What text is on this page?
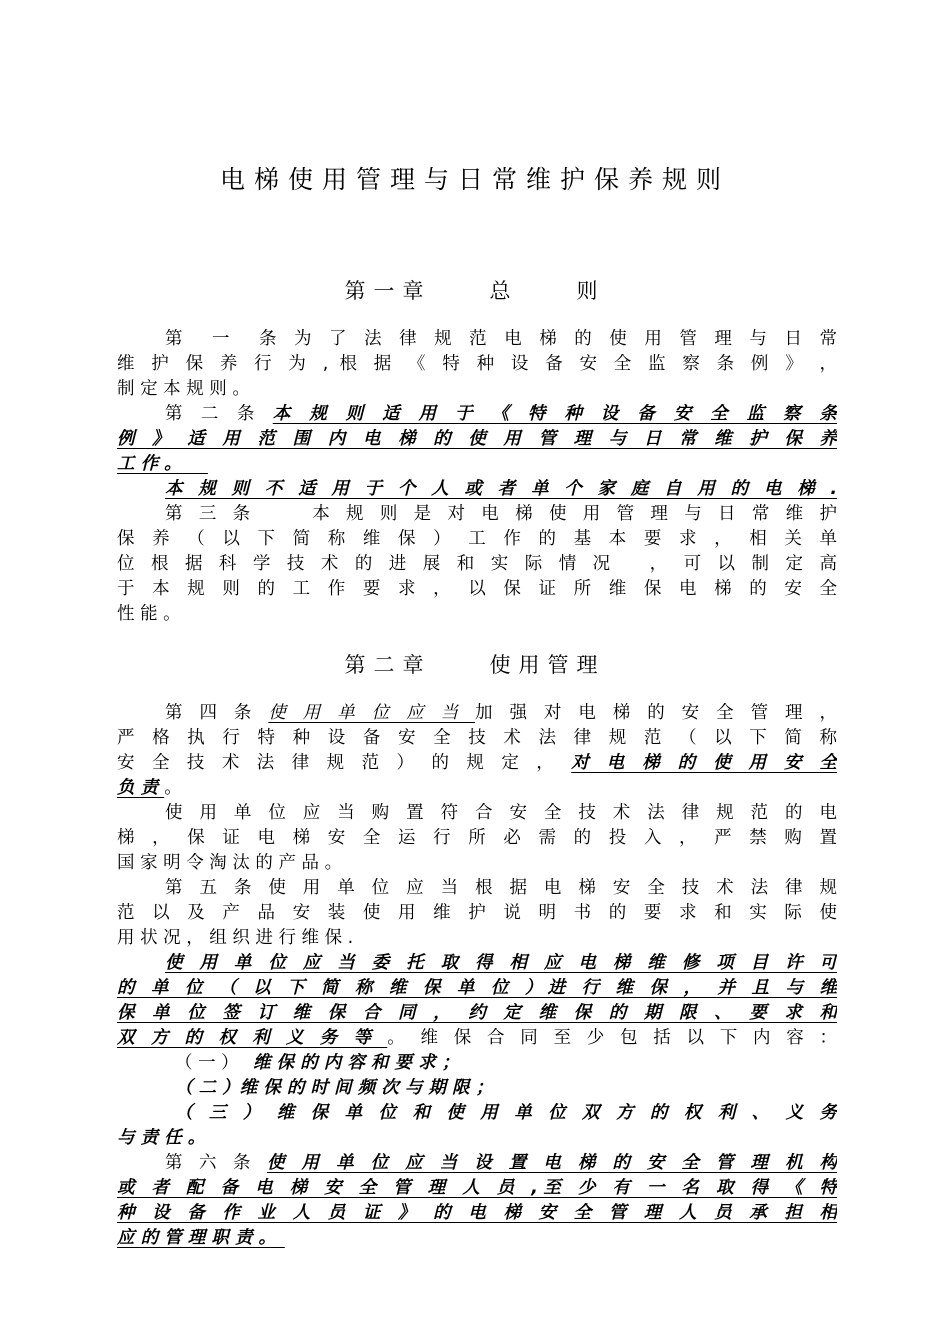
电梯使用管理与日常维护保养规则
第一章　　总　　则
第二章　　使用管理
第　一　条 为 了 法 律 规 范 电 梯 的 使 用 管 理 与 日 常
维 护 保 养 行 为 , 根 据 《 特 种 设 备 安 全 监 察 条 例 》 ，
制 定 本 规 则 。
第 二 条 本 规 则 适 用 于 《 特 种 设 备 安 全 监 察 条
例 》 适 用 范 围 内 电 梯 的 使 用 管 理 与 日 常 维 护 保 养
工 作 。　　
本 规 则 不 适 用 于 个 人 或 者 单 个 家 庭 自 用 的 电 梯 .
第 三 条 　　本 规 则 是 对 电 梯 使 用 管 理 与 日 常 维 护
保 养 （ 以 下 简 称 维 保 ） 工 作 的 基 本 要 求 ， 相 关 单
位 根 据 科 学 技 术 的 进 展 和 实 际 情 况 　， 可 以 制 定 高
于 本 规 则 的 工 作 要 求 ， 以 保 证 所 维 保 电 梯 的 安 全
性 能 。
第 四 条 使 用 单 位 应 当 加 强 对 电 梯 的 安 全 管 理 ，
严 格 执 行 特 种 设 备 安 全 技 术 法 律 规 范 （ 以 下 简 称
安 全 技 术 法 律 规 范 ） 的 规 定 ， 对 电 梯 的 使 用 安 全
负 责 。
使 用 单 位 应 当 购 置 符 合 安 全 技 术 法 律 规 范 的 电
梯 ， 保 证 电 梯 安 全 运 行 所 必 需 的 投 入 ， 严 禁 购 置
国 家 明 令 淘 汰 的 产 品 。
第 五 条 使 用 单 位 应 当 根 据 电 梯 安 全 技 术 法 律 规
范 以 及 产 品 安 装 使 用 维 护 说 明 书 的 要 求 和 实 际 使
用 状 况 ， 组 织 进 行 维 保 .
使 用 单 位 应 当 委 托 取 得 相 应 电 梯 维 修 项 目 许 可
的 单 位 （ 以 下 简 称 维 保 单 位 ）进 行 维 保 ， 并 且 与 维
保 单 位 签 订 维 保 合 同 ， 约 定 维 保 的 期 限 、 要 求 和
双 方 的 权 利 义 务 等 。 维 保 合 同 至 少 包 括 以 下 内 容 ：
（ 一 ）　 维 保 的 内 容 和 要 求 ；
（ 二 ）维 保 的 时 间 频 次 与 期 限 ；
（ 三 ） 维 保 单 位 和 使 用 单 位 双 方 的 权 利 、 义 务
与 责 任 。
第 六 条 使 用 单 位 应 当 设 置 电 梯 的 安 全 管 理 机 构
或 者 配 备 电 梯 安 全 管 理 人 员 ,至 少 有 一 名 取 得 《 特
种 设 备 作 业 人 员 证 》 的 电 梯 安 全 管 理 人 员 承 担 相
应 的 管 理 职 责 。　
